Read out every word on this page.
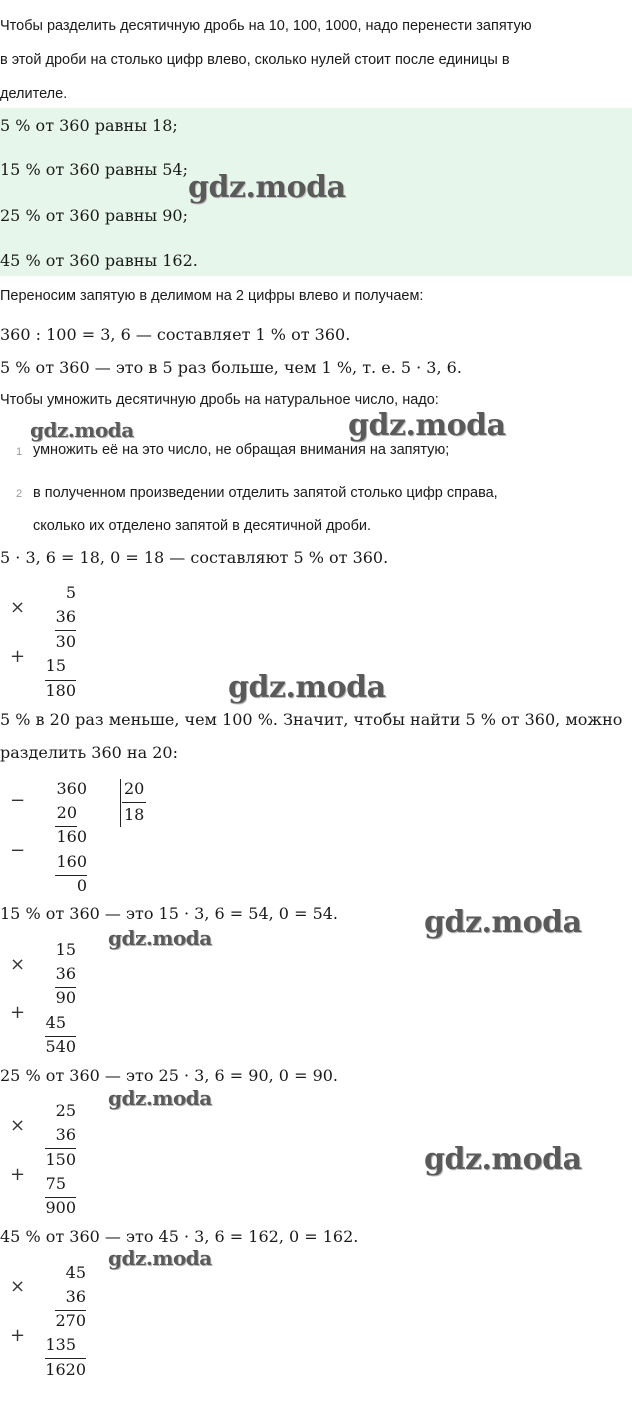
Чтобы разделить десятичную дробь на 10, 100, 1000, надо перенести запятую
в этой дроби на столько цифр влево, сколько нулей стоит после единицы в
делителе.
5 % от 360 равны 18;
15 % от 360 равны 54;
25 % от 360 равны 90;
45 % от 360 равны 162.
Переносим запятую в делимом на 2 цифры влево и получаем:
360 : 100 = 3, 6 — составляет 1 % от 360.
5 % от 360 — это в 5 раз больше, чем 1 %, т. е. 5 · 3, 6.
Чтобы умножить десятичную дробь на натуральное число, надо:
1 умножить её на это число, не обращая внимания на запятую;
2 в полученном произведении отделить запятой столько цифр справа,
сколько их отделено запятой в десятичной дроби.
5 · 3, 6 = 18, 0 = 18 — составляют 5 % от 360.
×
5
36
30
+	15
180
5 % в 20 раз меньше, чем 100 %. Значит, чтобы найти 5 % от 360, можно
разделить 360 на 20:
−
360 20
18
20
160
−
160
0
15 % от 360 — это 15 · 3, 6 = 54, 0 = 54.
×
15
36
90
+	45
540
25 % от 360 — это 25 · 3, 6 = 90, 0 = 90.
×
25
36
150
+	75
900
45 % от 360 — это 45 · 3, 6 = 162, 0 = 162.
×
45
36
270
+	135
1620
gdz.moda
gdz.moda	gdz.moda
gdz.moda
gdz.moda
gdz.moda
gdz.moda
gdz.moda
gdz.moda
